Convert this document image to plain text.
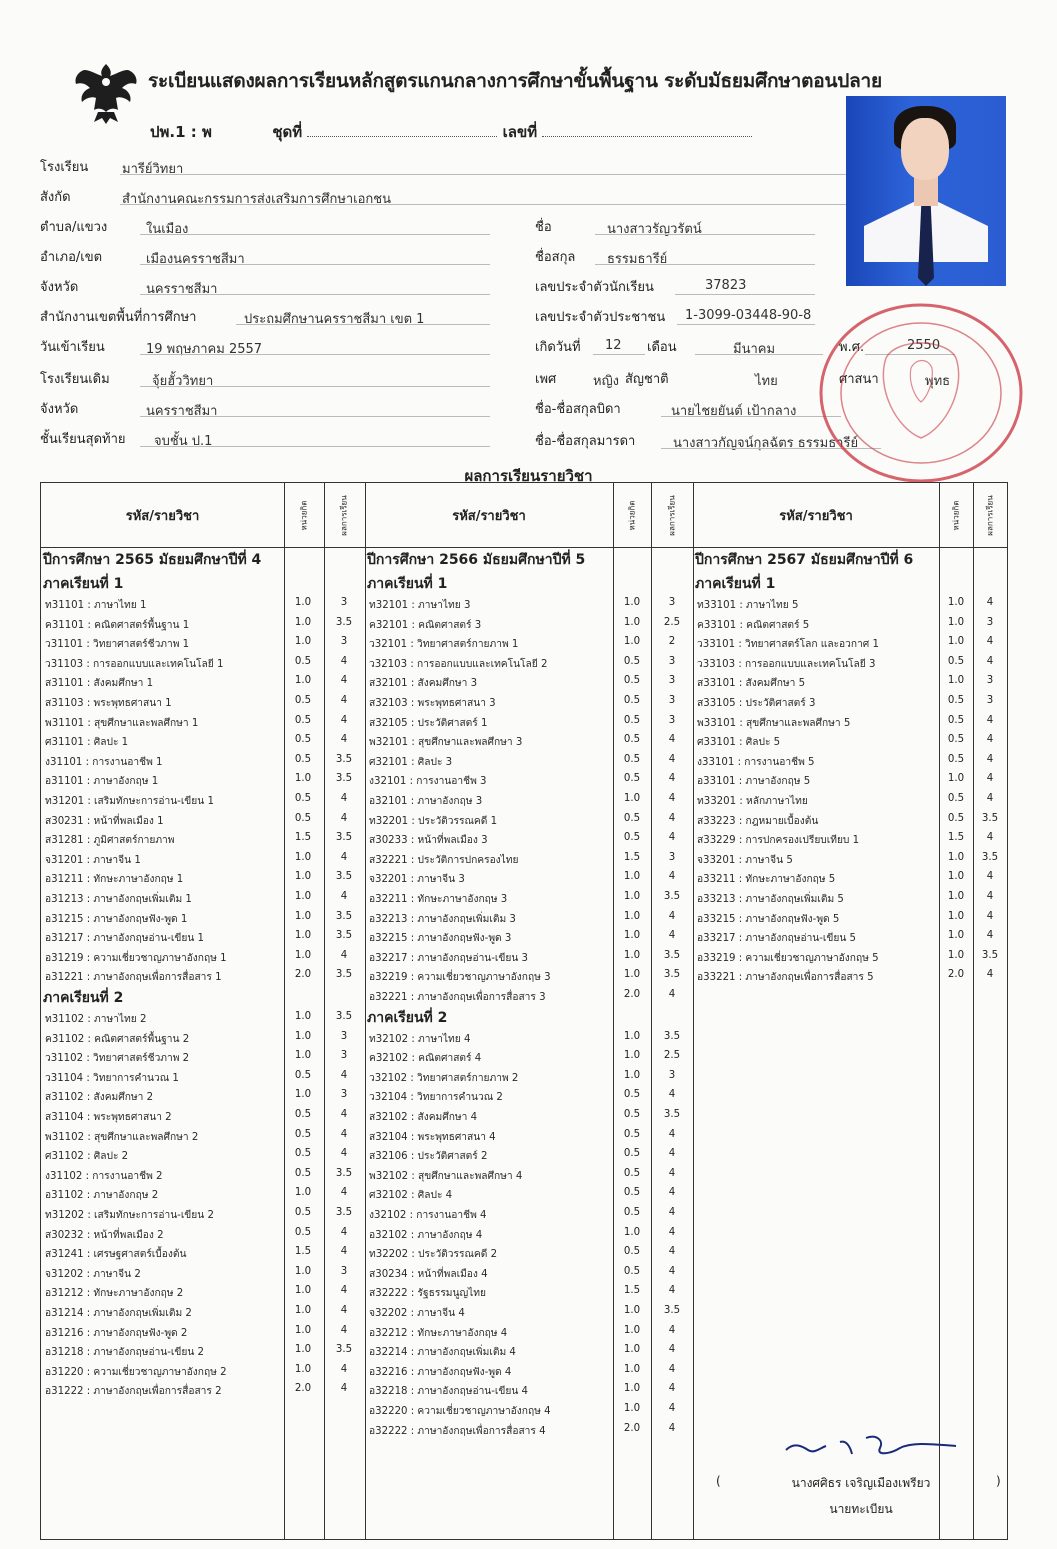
ระเบียนแสดงผลการเรียนหลักสูตรแกนกลางการศึกษาขั้นพื้นฐาน ระดับมัธยมศึกษาตอนปลาย
ปพ.1 : พ	ชุดที่	เลขที่
โรงเรียน	มารีย์วิทยา
สังกัด	สำนักงานคณะกรรมการส่งเสริมการศึกษาเอกชน
ตำบล/แขวง	ในเมือง
อำเภอ/เขต	เมืองนครราชสีมา
จังหวัด	นครราชสีมา
สำนักงานเขตพื้นที่การศึกษา	ประถมศึกษานครราชสีมา เขต 1
วันเข้าเรียน	19 พฤษภาคม 2557
โรงเรียนเดิม	จุ้ยฮั้ววิทยา
จังหวัด	นครราชสีมา
ชั้นเรียนสุดท้าย จบชั้น ป.1
ชื่อ	นางสาวรัญวรัตน์
ชื่อสกุล ธรรมธารีย์
เลขประจำตัวนักเรียน	37823
เลขประจำตัวประชาชน 1-3099-03448-90-8
เกิดวันที่ 12 เดือน	มีนาคม	พ.ศ.	2550
เพศ	หญิง สัญชาติ	ไทย	ศาสนา	พุทธ
ชื่อ-ชื่อสกุลบิดา	นายไชยยันต์ เป้ากลาง
ชื่อ-ชื่อสกุลมารดา	นางสาวกัญจน์กุลฉัตร ธรรมธารีย์
ผลการเรียนรายวิชา
รหัส/รายวิชา	หน่วยกิต	ผลการเรียน	รหัส/รายวิชา	หน่วยกิต	ผลการเรียน	รหัส/รายวิชา	หน่วยกิต	ผลการเรียน
ปีการศึกษา 2565 มัธยมศึกษาปีที่ 4
ภาคเรียนที่ 1
ท31101 : ภาษาไทย 1	1.0	3
ค31101 : คณิตศาสตร์พื้นฐาน 1	1.0	3.5
ว31101 : วิทยาศาสตร์ชีวภาพ 1	1.0	3
ว31103 : การออกแบบและเทคโนโลยี 1	0.5	4
ส31101 : สังคมศึกษา 1	1.0	4
ส31103 : พระพุทธศาสนา 1	0.5	4
พ31101 : สุขศึกษาและพลศึกษา 1	0.5	4
ศ31101 : ศิลปะ 1	0.5	4
ง31101 : การงานอาชีพ 1	0.5	3.5
อ31101 : ภาษาอังกฤษ 1	1.0	3.5
ท31201 : เสริมทักษะการอ่าน-เขียน 1	0.5	4
ส30231 : หน้าที่พลเมือง 1	0.5	4
ส31281 : ภูมิศาสตร์กายภาพ	1.5	3.5
จ31201 : ภาษาจีน 1	1.0	4
อ31211 : ทักษะภาษาอังกฤษ 1	1.0	3.5
อ31213 : ภาษาอังกฤษเพิ่มเติม 1	1.0	4
อ31215 : ภาษาอังกฤษฟัง-พูด 1	1.0	3.5
อ31217 : ภาษาอังกฤษอ่าน-เขียน 1	1.0	3.5
อ31219 : ความเชี่ยวชาญภาษาอังกฤษ 1	1.0	4
อ31221 : ภาษาอังกฤษเพื่อการสื่อสาร 1	2.0	3.5
ภาคเรียนที่ 2
ท31102 : ภาษาไทย 2	1.0	3.5
ค31102 : คณิตศาสตร์พื้นฐาน 2	1.0	3
ว31102 : วิทยาศาสตร์ชีวภาพ 2	1.0	3
ว31104 : วิทยาการคำนวณ 1	0.5	4
ส31102 : สังคมศึกษา 2	1.0	3
ส31104 : พระพุทธศาสนา 2	0.5	4
พ31102 : สุขศึกษาและพลศึกษา 2	0.5	4
ศ31102 : ศิลปะ 2	0.5	4
ง31102 : การงานอาชีพ 2	0.5	3.5
อ31102 : ภาษาอังกฤษ 2	1.0	4
ท31202 : เสริมทักษะการอ่าน-เขียน 2	0.5	3.5
ส30232 : หน้าที่พลเมือง 2	0.5	4
ส31241 : เศรษฐศาสตร์เบื้องต้น	1.5	4
จ31202 : ภาษาจีน 2	1.0	3
อ31212 : ทักษะภาษาอังกฤษ 2	1.0	4
อ31214 : ภาษาอังกฤษเพิ่มเติม 2	1.0	4
อ31216 : ภาษาอังกฤษฟัง-พูด 2	1.0	4
อ31218 : ภาษาอังกฤษอ่าน-เขียน 2	1.0	3.5
อ31220 : ความเชี่ยวชาญภาษาอังกฤษ 2	1.0	4
อ31222 : ภาษาอังกฤษเพื่อการสื่อสาร 2	2.0	4
ปีการศึกษา 2566 มัธยมศึกษาปีที่ 5
ภาคเรียนที่ 1
ท32101 : ภาษาไทย 3	1.0	3
ค32101 : คณิตศาสตร์ 3	1.0	2.5
ว32101 : วิทยาศาสตร์กายภาพ 1	1.0	2
ว32103 : การออกแบบและเทคโนโลยี 2	0.5	3
ส32101 : สังคมศึกษา 3	0.5	3
ส32103 : พระพุทธศาสนา 3	0.5	3
ส32105 : ประวัติศาสตร์ 1	0.5	3
พ32101 : สุขศึกษาและพลศึกษา 3	0.5	4
ศ32101 : ศิลปะ 3	0.5	4
ง32101 : การงานอาชีพ 3	0.5	4
อ32101 : ภาษาอังกฤษ 3	1.0	4
ท32201 : ประวัติวรรณคดี 1	0.5	4
ส30233 : หน้าที่พลเมือง 3	0.5	4
ส32221 : ประวัติการปกครองไทย	1.5	3
จ32201 : ภาษาจีน 3	1.0	4
อ32211 : ทักษะภาษาอังกฤษ 3	1.0	3.5
อ32213 : ภาษาอังกฤษเพิ่มเติม 3	1.0	4
อ32215 : ภาษาอังกฤษฟัง-พูด 3	1.0	4
อ32217 : ภาษาอังกฤษอ่าน-เขียน 3	1.0	3.5
อ32219 : ความเชี่ยวชาญภาษาอังกฤษ 3	1.0	3.5
อ32221 : ภาษาอังกฤษเพื่อการสื่อสาร 3	2.0	4
ภาคเรียนที่ 2
ท32102 : ภาษาไทย 4	1.0	3.5
ค32102 : คณิตศาสตร์ 4	1.0	2.5
ว32102 : วิทยาศาสตร์กายภาพ 2	1.0	3
ว32104 : วิทยาการคำนวณ 2	0.5	4
ส32102 : สังคมศึกษา 4	0.5	3.5
ส32104 : พระพุทธศาสนา 4	0.5	4
ส32106 : ประวัติศาสตร์ 2	0.5	4
พ32102 : สุขศึกษาและพลศึกษา 4	0.5	4
ศ32102 : ศิลปะ 4	0.5	4
ง32102 : การงานอาชีพ 4	0.5	4
อ32102 : ภาษาอังกฤษ 4	1.0	4
ท32202 : ประวัติวรรณคดี 2	0.5	4
ส30234 : หน้าที่พลเมือง 4	0.5	4
ส32222 : รัฐธรรมนูญไทย	1.5	4
จ32202 : ภาษาจีน 4	1.0	3.5
อ32212 : ทักษะภาษาอังกฤษ 4	1.0	4
อ32214 : ภาษาอังกฤษเพิ่มเติม 4	1.0	4
อ32216 : ภาษาอังกฤษฟัง-พูด 4	1.0	4
อ32218 : ภาษาอังกฤษอ่าน-เขียน 4	1.0	4
อ32220 : ความเชี่ยวชาญภาษาอังกฤษ 4	1.0	4
อ32222 : ภาษาอังกฤษเพื่อการสื่อสาร 4	2.0	4
ปีการศึกษา 2567 มัธยมศึกษาปีที่ 6
ภาคเรียนที่ 1
ท33101 : ภาษาไทย 5	1.0	4
ค33101 : คณิตศาสตร์ 5	1.0	3
ว33101 : วิทยาศาสตร์โลก และอวกาศ 1	1.0	4
ว33103 : การออกแบบและเทคโนโลยี 3	0.5	4
ส33101 : สังคมศึกษา 5	1.0	3
ส33105 : ประวัติศาสตร์ 3	0.5	3
พ33101 : สุขศึกษาและพลศึกษา 5	0.5	4
ศ33101 : ศิลปะ 5	0.5	4
ง33101 : การงานอาชีพ 5	0.5	4
อ33101 : ภาษาอังกฤษ 5	1.0	4
ท33201 : หลักภาษาไทย	0.5	4
ส33223 : กฎหมายเบื้องต้น	0.5	3.5
ส33229 : การปกครองเปรียบเทียบ 1	1.5	4
จ33201 : ภาษาจีน 5	1.0	3.5
อ33211 : ทักษะภาษาอังกฤษ 5	1.0	4
อ33213 : ภาษาอังกฤษเพิ่มเติม 5	1.0	4
อ33215 : ภาษาอังกฤษฟัง-พูด 5	1.0	4
อ33217 : ภาษาอังกฤษอ่าน-เขียน 5	1.0	4
อ33219 : ความเชี่ยวชาญภาษาอังกฤษ 5	1.0	3.5
อ33221 : ภาษาอังกฤษเพื่อการสื่อสาร 5	2.0	4
(	นางศศิธร เจริญเมืองเพรียว	)
นายทะเบียน
